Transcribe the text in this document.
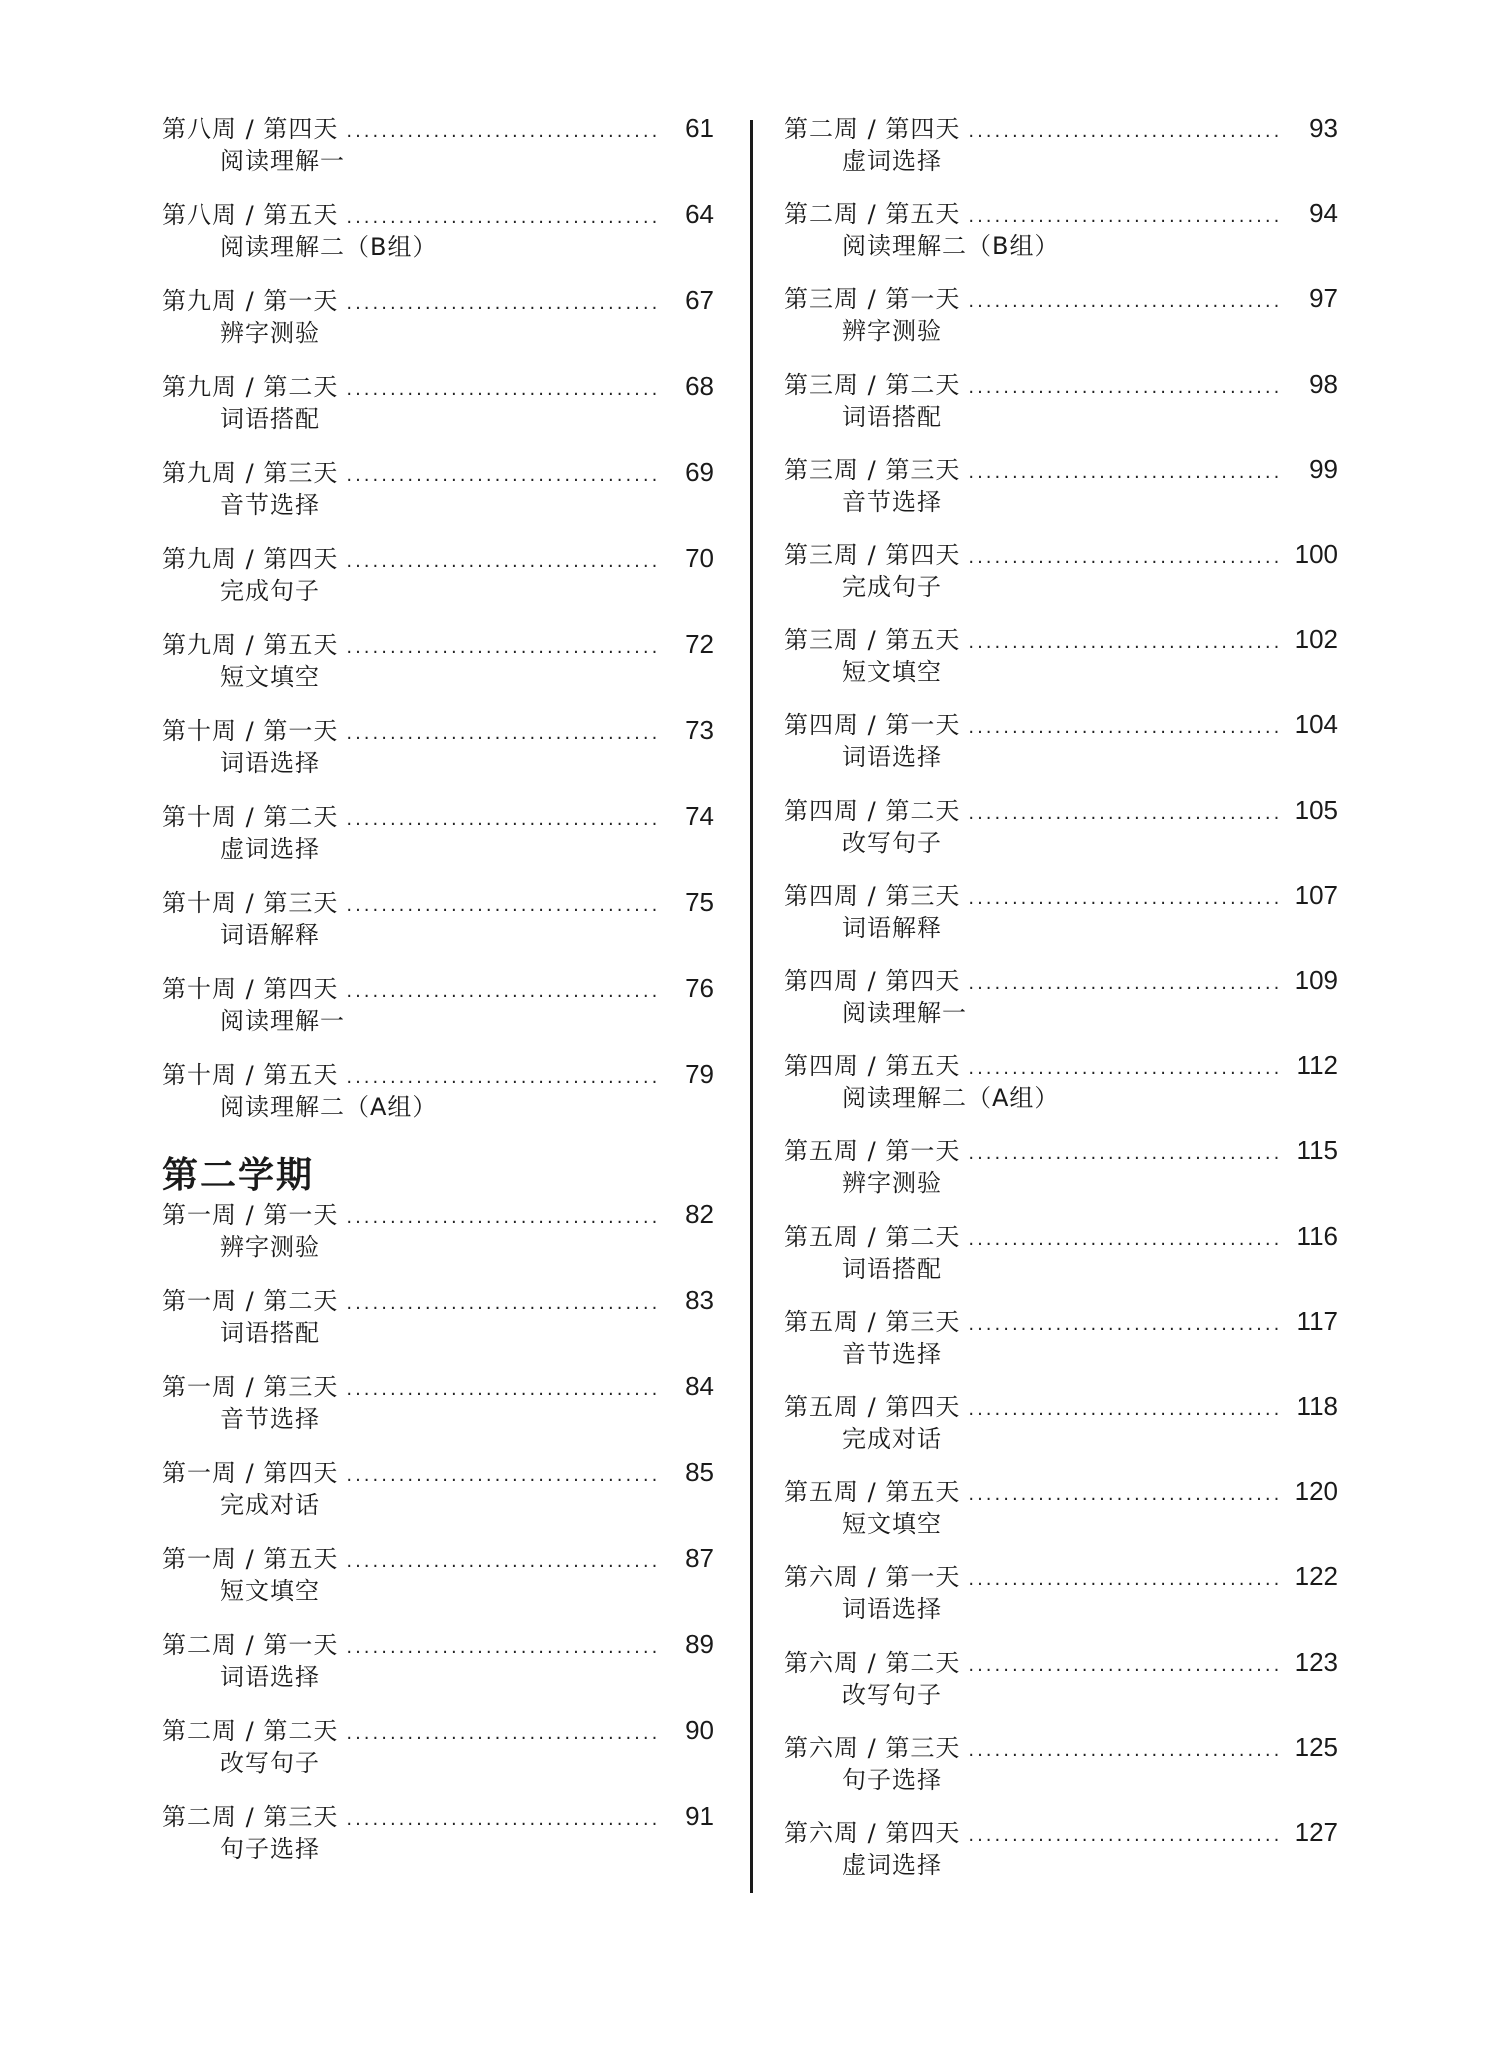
第二学期
第八周 / 第四天 .....	61
阅读理解一
第八周 / 第五天 .....	64
阅读理解二（B组）
第九周 / 第一天 .....	67
辨字测验
第九周 / 第二天 .....	68
词语搭配
第九周 / 第三天 .....	69
音节选择
第九周 / 第四天 .....	70
完成句子
第九周 / 第五天 .....	72
短文填空
第十周 / 第一天 .....	73
词语选择
第十周 / 第二天 .....	74
虚词选择
第十周 / 第三天 .....	75
词语解释
第十周 / 第四天 .....	76
阅读理解一
第十周 / 第五天 .....	79
阅读理解二（A组）
第一周 / 第一天 .....	82
辨字测验
第一周 / 第二天 .....	83
词语搭配
第一周 / 第三天 .....	84
音节选择
第一周 / 第四天 .....	85
完成对话
第一周 / 第五天 .....	87
短文填空
第二周 / 第一天 .....	89
词语选择
第二周 / 第二天 .....	90
改写句子
第二周 / 第三天 .....	91
句子选择
第二周 / 第四天 .....	93
虚词选择
第二周 / 第五天 .....	94
阅读理解二（B组）
第三周 / 第一天 .....	97
辨字测验
第三周 / 第二天 .....	98
词语搭配
第三周 / 第三天 .....	99
音节选择
第三周 / 第四天 .....	100
完成句子
第三周 / 第五天 .....	102
短文填空
第四周 / 第一天 .....	104
词语选择
第四周 / 第二天 .....	105
改写句子
第四周 / 第三天 .....	107
词语解释
第四周 / 第四天 .....	109
阅读理解一
第四周 / 第五天 .....	112
阅读理解二（A组）
第五周 / 第一天 .....	115
辨字测验
第五周 / 第二天 .....	116
词语搭配
第五周 / 第三天 .....	117
音节选择
第五周 / 第四天 .....	118
完成对话
第五周 / 第五天 .....	120
短文填空
第六周 / 第一天 .....	122
词语选择
第六周 / 第二天 .....	123
改写句子
第六周 / 第三天 .....	125
句子选择
第六周 / 第四天 .....	127
虚词选择
